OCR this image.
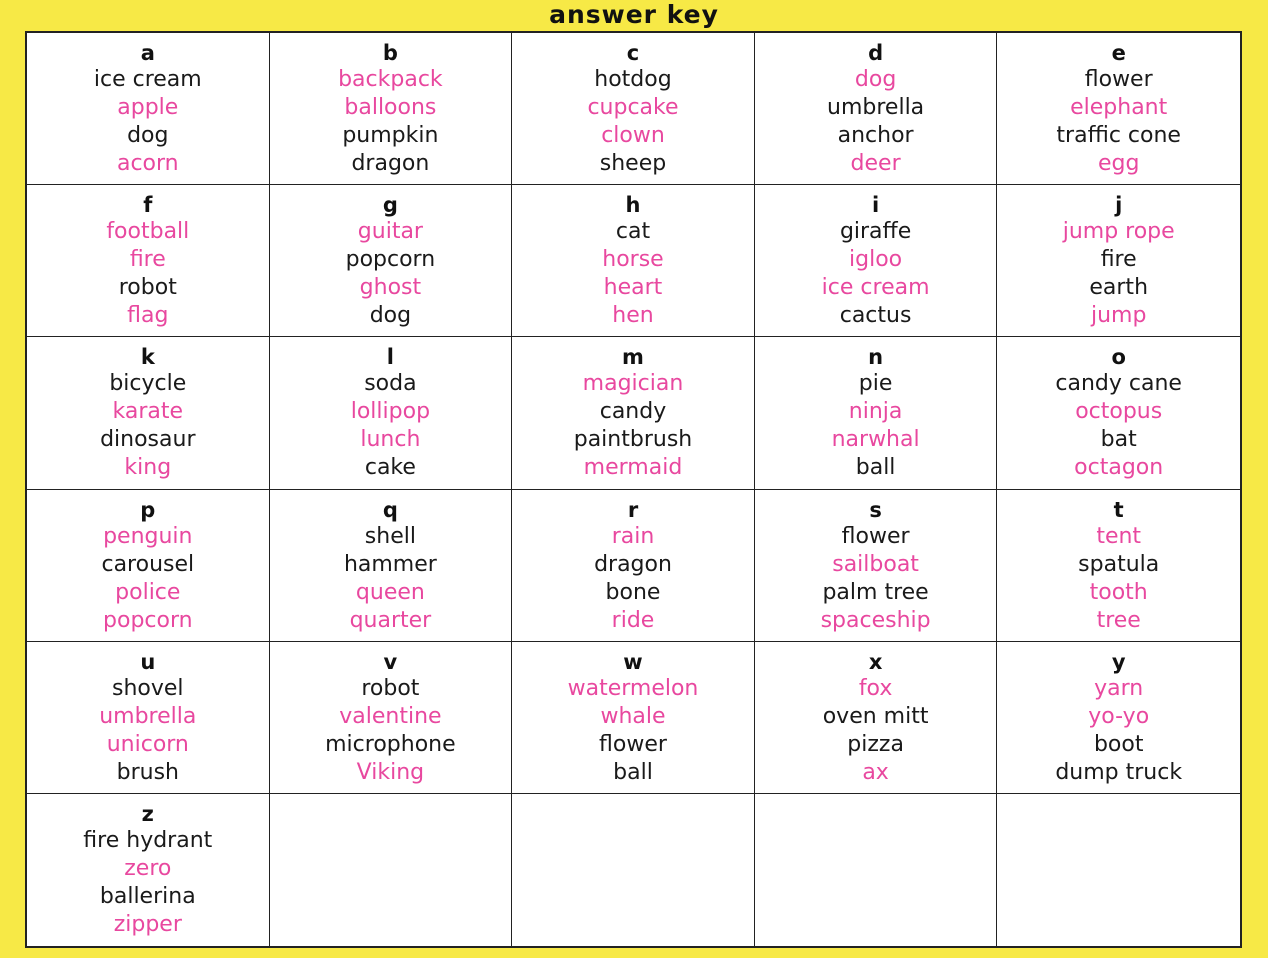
answer key
a
ice cream
apple
dog
acorn
b
backpack
balloons
pumpkin
dragon
c
hotdog
cupcake
clown
sheep
d
dog
umbrella
anchor
deer
e
flower
elephant
traffic cone
egg
f
football
fire
robot
flag
g
guitar
popcorn
ghost
dog
h
cat
horse
heart
hen
i
giraffe
igloo
ice cream
cactus
j
jump rope
fire
earth
jump
k
bicycle
karate
dinosaur
king
l
soda
lollipop
lunch
cake
m
magician
candy
paintbrush
mermaid
n
pie
ninja
narwhal
ball
o
candy cane
octopus
bat
octagon
p
penguin
carousel
police
popcorn
q
shell
hammer
queen
quarter
r
rain
dragon
bone
ride
s
flower
sailboat
palm tree
spaceship
t
tent
spatula
tooth
tree
u
shovel
umbrella
unicorn
brush
v
robot
valentine
microphone
Viking
w
watermelon
whale
flower
ball
x
fox
oven mitt
pizza
ax
y
yarn
yo-yo
boot
dump truck
z
fire hydrant
zero
ballerina
zipper
